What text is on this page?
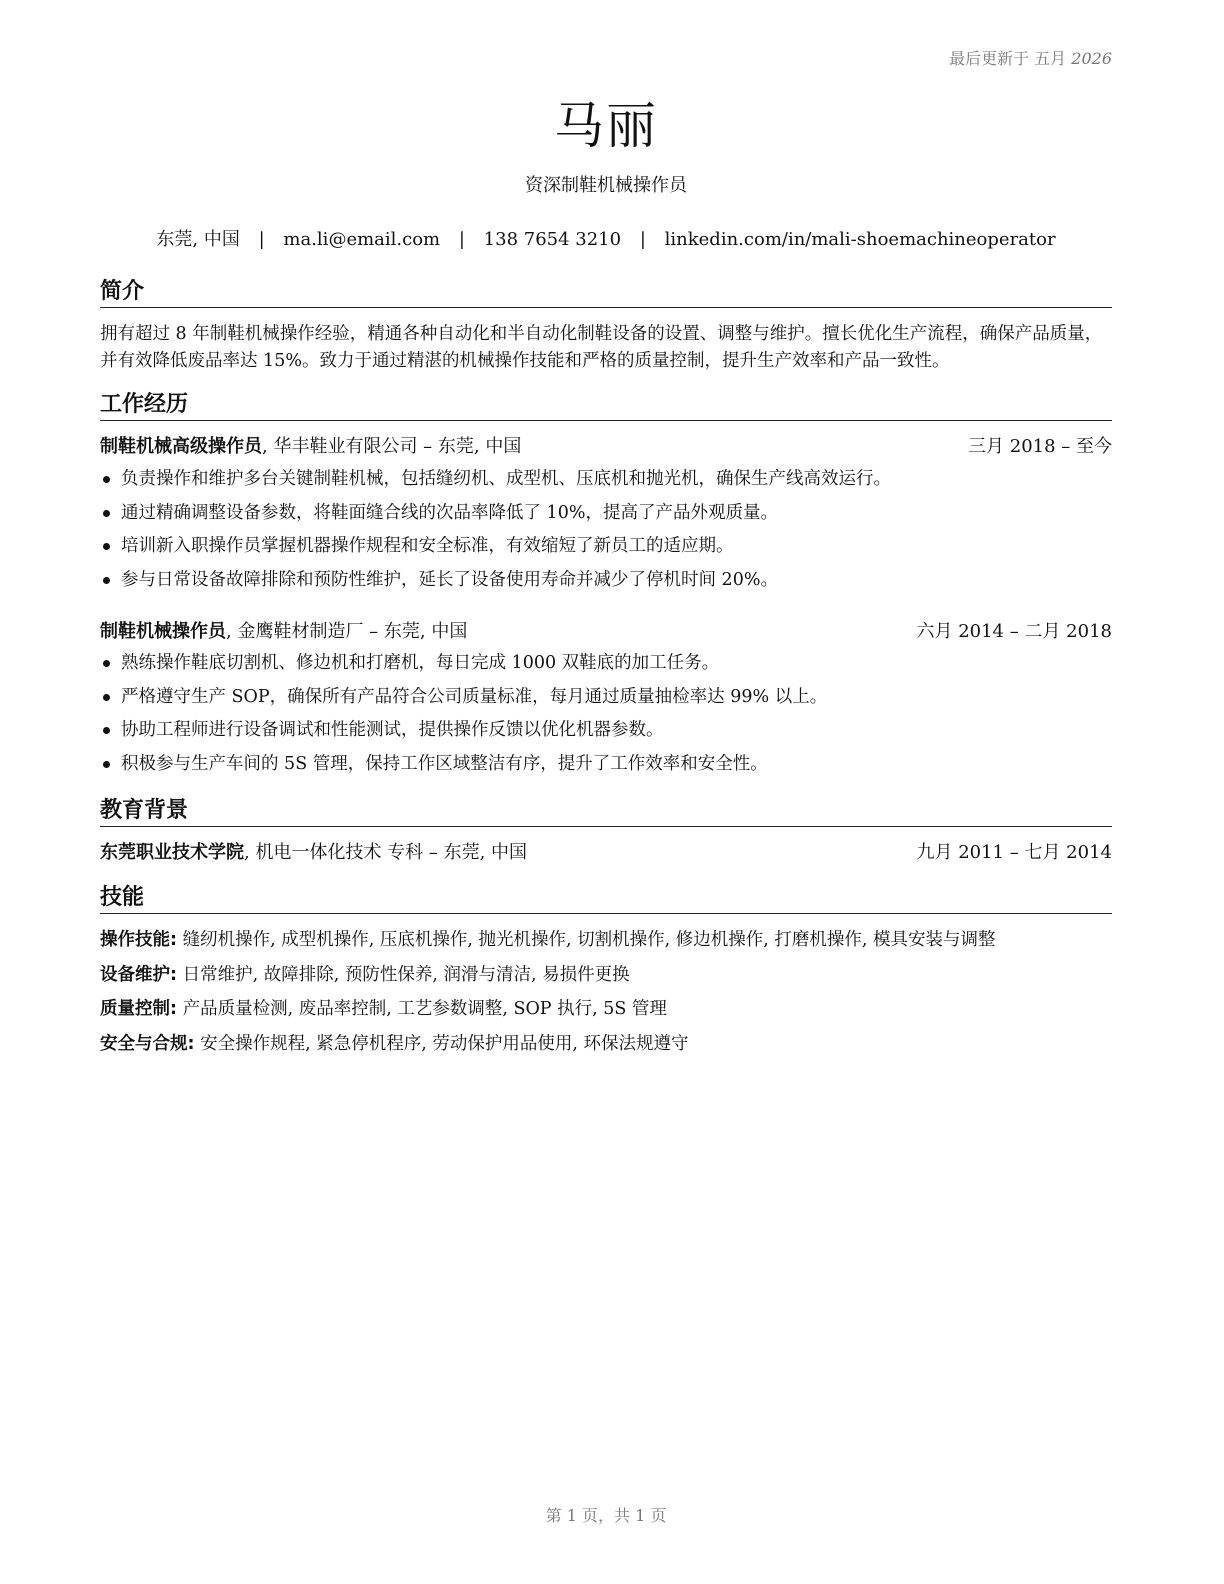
最后更新于 五月 2026
马丽
资深制鞋机械操作员
东莞, 中国 | ma.li@email.com | 138 7654 3210 | linkedin.com/in/mali-shoemachineoperator
简介

拥有超过 8 年制鞋机械操作经验，精通各种自动化和半自动化制鞋设备的设置、调整与维护。擅长优化生产流程，确保产品质量，并有效降低废品率达 15%。致力于通过精湛的机械操作技能和严格的质量控制，提升生产效率和产品一致性。

工作经历
制鞋机械高级操作员, 华丰鞋业有限公司 – 东莞, 中国	三月 2018 – 至今
负责操作和维护多台关键制鞋机械，包括缝纫机、成型机、压底机和抛光机，确保生产线高效运行。
通过精确调整设备参数，将鞋面缝合线的次品率降低了 10%，提高了产品外观质量。
培训新入职操作员掌握机器操作规程和安全标准，有效缩短了新员工的适应期。
参与日常设备故障排除和预防性维护，延长了设备使用寿命并减少了停机时间 20%。
制鞋机械操作员, 金鹰鞋材制造厂 – 东莞, 中国	六月 2014 – 二月 2018
熟练操作鞋底切割机、修边机和打磨机，每日完成 1000 双鞋底的加工任务。
严格遵守生产 SOP，确保所有产品符合公司质量标准，每月通过质量抽检率达 99% 以上。
协助工程师进行设备调试和性能测试，提供操作反馈以优化机器参数。
积极参与生产车间的 5S 管理，保持工作区域整洁有序，提升了工作效率和安全性。
教育背景
东莞职业技术学院, 机电一体化技术 专科 – 东莞, 中国	九月 2011 – 七月 2014
技能
操作技能: 缝纫机操作, 成型机操作, 压底机操作, 抛光机操作, 切割机操作, 修边机操作, 打磨机操作, 模具安装与调整
设备维护: 日常维护, 故障排除, 预防性保养, 润滑与清洁, 易损件更换
质量控制: 产品质量检测, 废品率控制, 工艺参数调整, SOP 执行, 5S 管理
安全与合规: 安全操作规程, 紧急停机程序, 劳动保护用品使用, 环保法规遵守
第 1 页，共 1 页
